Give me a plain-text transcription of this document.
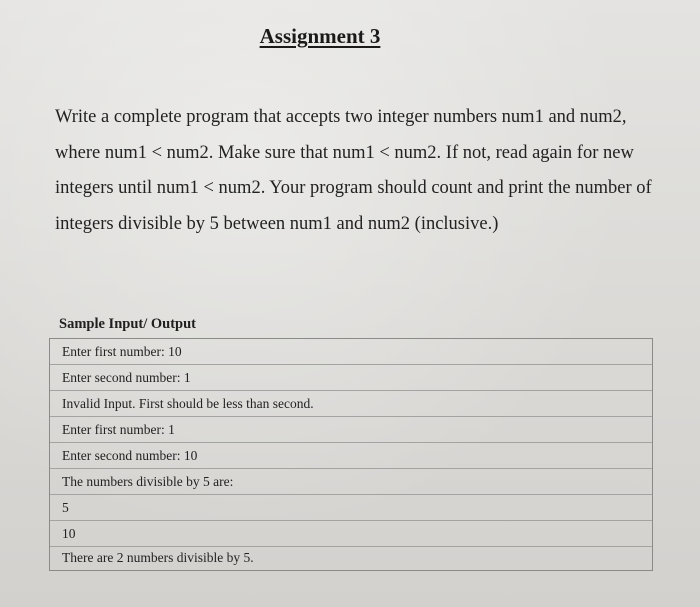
Assignment 3

Write a complete program that accepts two integer numbers num1 and num2, where num1 < num2. Make sure that num1 < num2. If not, read again for new integers until num1 < num2. Your program should count and print the number of integers divisible by 5 between num1 and num2 (inclusive.)

Sample Input/ Output
Enter first number: 10
Enter second number: 1
Invalid Input. First should be less than second.
Enter first number: 1
Enter second number: 10
The numbers divisible by 5 are:
5
10
There are 2 numbers divisible by 5.
